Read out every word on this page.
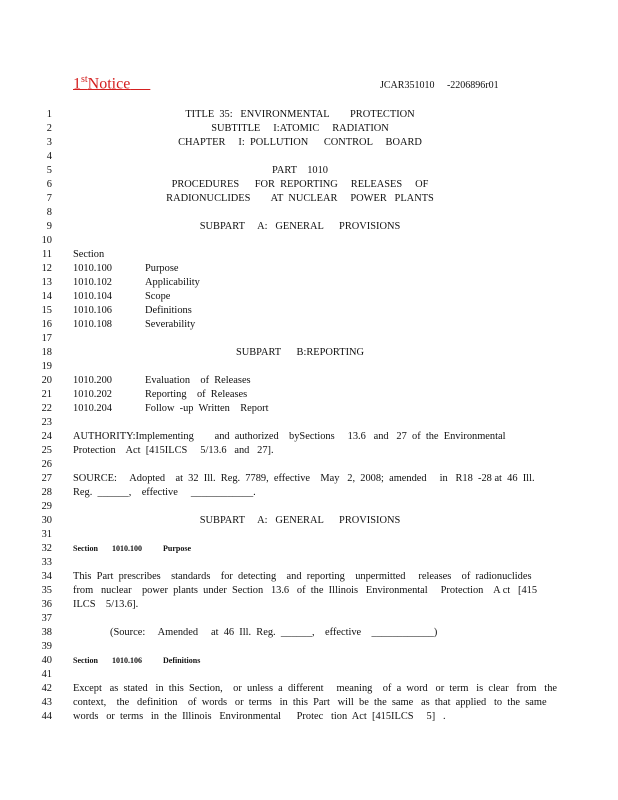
1stNotice	JCAR351010     -2206896r01
1	TITLE  35:   ENVIRONMENTAL        PROTECTION
2	SUBTITLE     I:ATOMIC     RADIATION
3	CHAPTER     I:  POLLUTION      CONTROL     BOARD
4
5	PART    1010
6	PROCEDURES      FOR  REPORTING     RELEASES     OF
7	RADIONUCLIDES        AT  NUCLEAR     POWER   PLANTS
8
9	SUBPART     A:   GENERAL      PROVISIONS
10
11 Section
12 1010.100	Purpose
13 1010.102	Applicability
14 1010.104	Scope
15 1010.106	Definitions
16 1010.108	Severability
17
18	SUBPART      B:REPORTING
19
20 1010.200	Evaluation    of  Releases
21 1010.202	Reporting    of  Releases
22 1010.204	Follow  -up  Written    Report
23
24 AUTHORITY:Implementing        and  authorized    bySections     13.6   and   27  of  the  Environmental
25 Protection    Act  [415ILCS     5/13.6   and   27].
26
27 SOURCE:     Adopted    at  32  Ill.  Reg.  7789,  effective    May   2,  2008;  amended     in   R18  -28 at  46  Ill.
28 Reg.  ______,    effective     ____________.
29
30	SUBPART     A:   GENERAL      PROVISIONS
31
32	Section 1010.100	Purpose
33
34 This  Part  prescribes    standards    for  detecting    and  reporting    unpermitted     releases    of  radionuclides
35 from   nuclear    power  plants  under  Section   13.6   of  the  Illinois   Environmental     Protection    A ct   [415
36 ILCS    5/13.6].
37
38	(Source:     Amended     at  46  Ill.  Reg.  ______,    effective    ____________)
39
40	Section 1010.106	Definitions
41
42 Except   as  stated   in  this  Section,    or  unless  a  different     meaning    of  a  word   or  term   is  clear   from   the
43 context,    the   definition    of  words   or  terms   in  this  Part   will  be  the  same   as  that  applied   to  the  same
44 words   or  terms   in  the  Illinois   Environmental      Protec   tion  Act  [415ILCS     5]   .
